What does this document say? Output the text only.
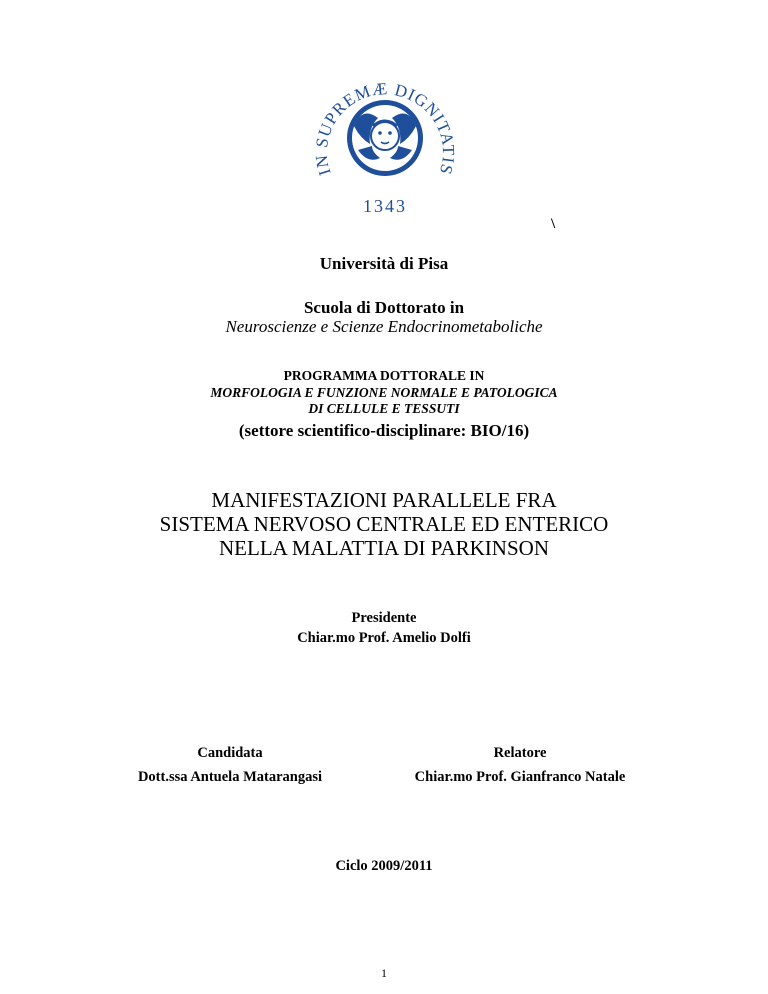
IN SUPREMÆ DIGNITATIS
1343
\
Università di Pisa
Scuola di Dottorato in
Neuroscienze e Scienze Endocrinometaboliche
PROGRAMMA DOTTORALE IN
MORFOLOGIA E FUNZIONE NORMALE E PATOLOGICA
DI CELLULE E TESSUTI
(settore scientifico-disciplinare: BIO/16)
MANIFESTAZIONI PARALLELE FRA
SISTEMA NERVOSO CENTRALE ED ENTERICO
NELLA MALATTIA DI PARKINSON
Presidente
Chiar.mo Prof. Amelio Dolfi
Candidata
Dott.ssa Antuela Matarangasi
Relatore
Chiar.mo Prof. Gianfranco Natale
Ciclo 2009/2011
1
